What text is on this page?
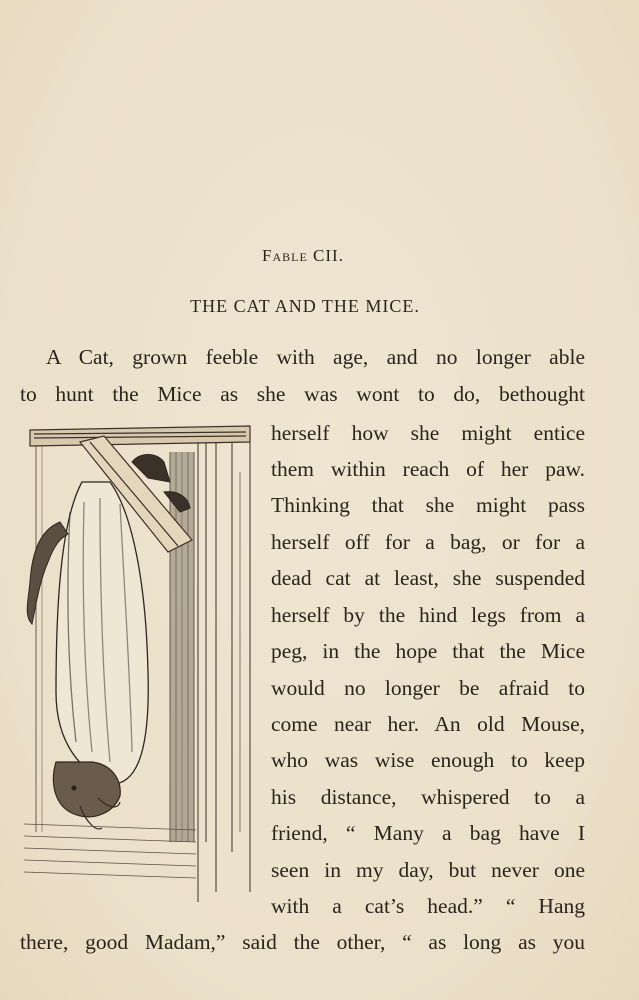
Fable CII.
THE CAT AND THE MICE.
A Cat, grown feeble with age, and no longer able
to hunt the Mice as she was wont to do, bethought
herself how she might entice
them within reach of her paw.
Thinking that she might pass
herself off for a bag, or for a
dead cat at least, she suspended
herself by the hind legs from a
peg, in the hope that the Mice
would no longer be afraid to
come near her. An old Mouse,
who was wise enough to keep
his distance, whispered to a
friend, “ Many a bag have I
seen in my day, but never one
with a cat’s head.” “ Hang
there, good Madam,” said the other, “ as long as you
